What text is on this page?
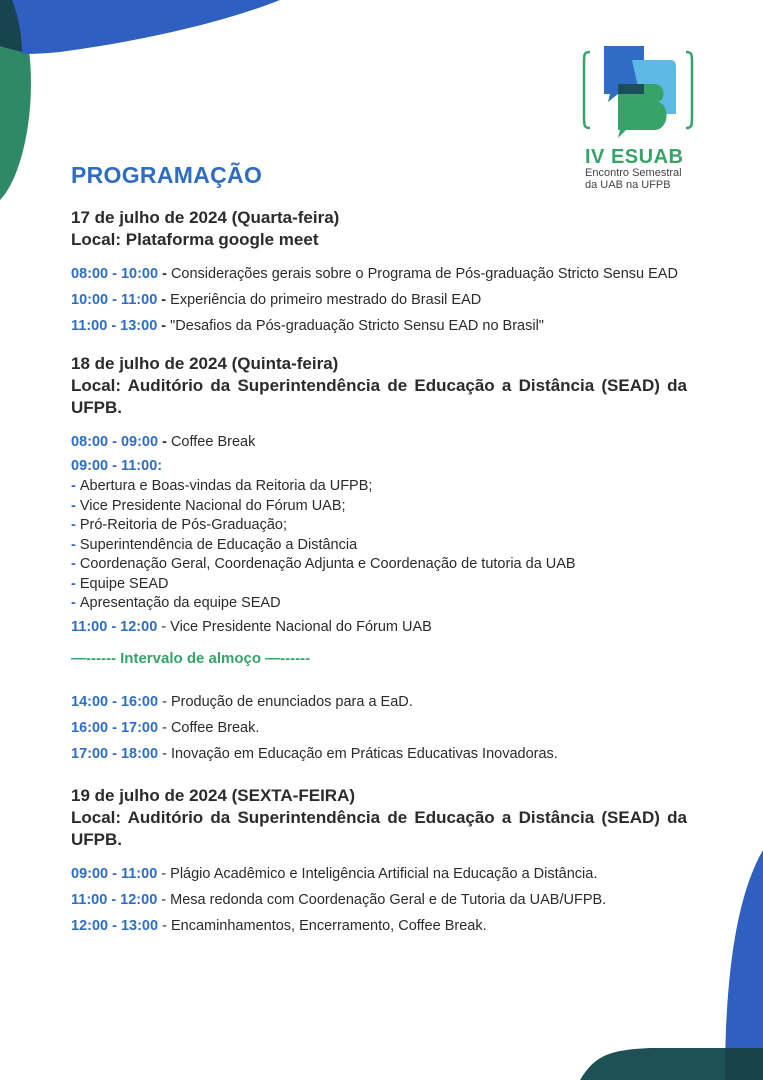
IV ESUAB
Encontro Semestral
da UAB na UFPB
PROGRAMAÇÃO
17 de julho de 2024 (Quarta-feira)
Local: Plataforma google meet
08:00 - 10:00 - Considerações gerais sobre o Programa de Pós-graduação Stricto Sensu EAD
10:00 - 11:00 - Experiência do primeiro mestrado do Brasil EAD
11:00 - 13:00 - "Desafios da Pós-graduação Stricto Sensu EAD no Brasil"
18 de julho de 2024 (Quinta-feira)
Local: Auditório da Superintendência de Educação a Distância (SEAD) da UFPB.
08:00 - 09:00 - Coffee Break
09:00 - 11:00:
- Abertura e Boas-vindas da Reitoria da UFPB;
- Vice Presidente Nacional do Fórum UAB;
- Pró-Reitoria de Pós-Graduação;
- Superintendência de Educação a Distância
- Coordenação Geral, Coordenação Adjunta e Coordenação de tutoria da UAB
- Equipe SEAD
- Apresentação da equipe SEAD
11:00 - 12:00 - Vice Presidente Nacional do Fórum UAB
—------ Intervalo de almoço —------
14:00 - 16:00 - Produção de enunciados para a EaD.
16:00 - 17:00 - Coffee Break.
17:00 - 18:00 - Inovação em Educação em Práticas Educativas Inovadoras.
19 de julho de 2024 (SEXTA-FEIRA)
Local: Auditório da Superintendência de Educação a Distância (SEAD) da UFPB.
09:00 - 11:00 - Plágio Acadêmico e Inteligência Artificial na Educação a Distância.
11:00 - 12:00 - Mesa redonda com Coordenação Geral e de Tutoria da UAB/UFPB.
12:00 - 13:00 - Encaminhamentos, Encerramento, Coffee Break.
